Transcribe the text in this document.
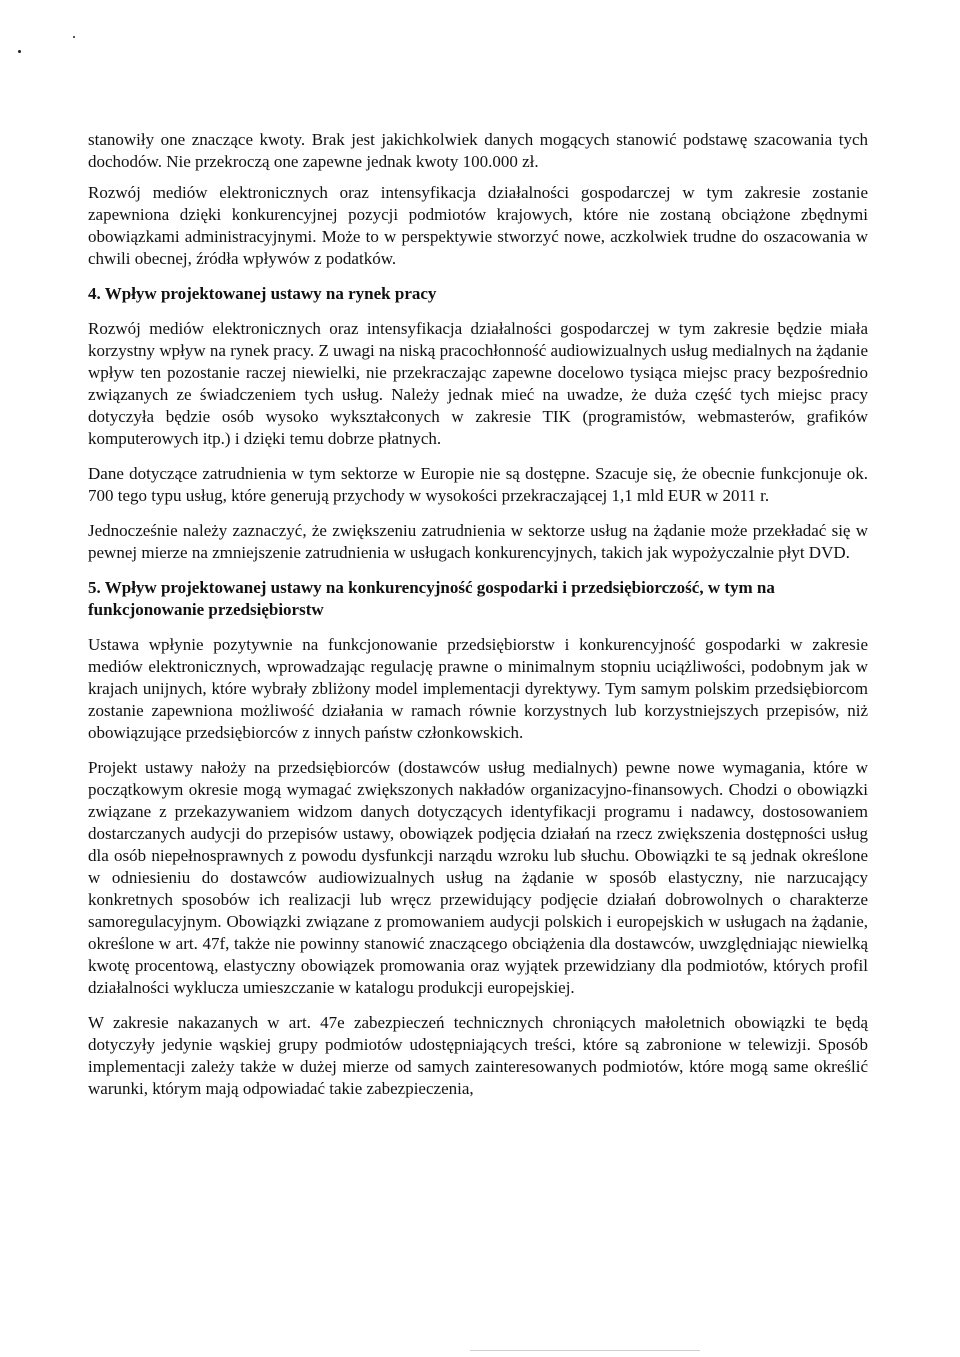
stanowiły one znaczące kwoty. Brak jest jakichkolwiek danych mogących stanowić podstawę szacowania tych dochodów. Nie przekroczą one zapewne jednak kwoty 100.000 zł.

Rozwój mediów elektronicznych oraz intensyfikacja działalności gospodarczej w tym zakresie zostanie zapewniona dzięki konkurencyjnej pozycji podmiotów krajowych, które nie zostaną obciążone zbędnymi obowiązkami administracyjnymi. Może to w perspektywie stworzyć nowe, aczkolwiek trudne do oszacowania w chwili obecnej, źródła wpływów z podatków.

4. Wpływ projektowanej ustawy na rynek pracy

Rozwój mediów elektronicznych oraz intensyfikacja działalności gospodarczej w tym zakresie będzie miała korzystny wpływ na rynek pracy. Z uwagi na niską pracochłonność audiowizualnych usług medialnych na żądanie wpływ ten pozostanie raczej niewielki, nie przekraczając zapewne docelowo tysiąca miejsc pracy bezpośrednio związanych ze świadczeniem tych usług. Należy jednak mieć na uwadze, że duża część tych miejsc pracy dotyczyła będzie osób wysoko wykształconych w zakresie TIK (programistów, webmasterów, grafików komputerowych itp.) i dzięki temu dobrze płatnych.

Dane dotyczące zatrudnienia w tym sektorze w Europie nie są dostępne. Szacuje się, że obecnie funkcjonuje ok. 700 tego typu usług, które generują przychody w wysokości przekraczającej 1,1 mld EUR w 2011 r.

Jednocześnie należy zaznaczyć, że zwiększeniu zatrudnienia w sektorze usług na żądanie może przekładać się w pewnej mierze na zmniejszenie zatrudnienia w usługach konkurencyjnych, takich jak wypożyczalnie płyt DVD.

5. Wpływ projektowanej ustawy na konkurencyjność gospodarki i przedsiębiorczość, w tym na funkcjonowanie przedsiębiorstw

Ustawa wpłynie pozytywnie na funkcjonowanie przedsiębiorstw i konkurencyjność gospodarki w zakresie mediów elektronicznych, wprowadzając regulację prawne o minimalnym stopniu uciążliwości, podobnym jak w krajach unijnych, które wybrały zbliżony model implementacji dyrektywy. Tym samym polskim przedsiębiorcom zostanie zapewniona możliwość działania w ramach równie korzystnych lub korzystniejszych przepisów, niż obowiązujące przedsiębiorców z innych państw członkowskich.

Projekt ustawy nałoży na przedsiębiorców (dostawców usług medialnych) pewne nowe wymagania, które w początkowym okresie mogą wymagać zwiększonych nakładów organizacyjno-finansowych. Chodzi o obowiązki związane z przekazywaniem widzom danych dotyczących identyfikacji programu i nadawcy, dostosowaniem dostarczanych audycji do przepisów ustawy, obowiązek podjęcia działań na rzecz zwiększenia dostępności usług dla osób niepełnosprawnych z powodu dysfunkcji narządu wzroku lub słuchu. Obowiązki te są jednak określone w odniesieniu do dostawców audiowizualnych usług na żądanie w sposób elastyczny, nie narzucający konkretnych sposobów ich realizacji lub wręcz przewidujący podjęcie działań dobrowolnych o charakterze samoregulacyjnym. Obowiązki związane z promowaniem audycji polskich i europejskich w usługach na żądanie, określone w art. 47f, także nie powinny stanowić znaczącego obciążenia dla dostawców, uwzględniając niewielką kwotę procentową, elastyczny obowiązek promowania oraz wyjątek przewidziany dla podmiotów, których profil działalności wyklucza umieszczanie w katalogu produkcji europejskiej.

W zakresie nakazanych w art. 47e zabezpieczeń technicznych chroniących małoletnich obowiązki te będą dotyczyły jedynie wąskiej grupy podmiotów udostępniających treści, które są zabronione w telewizji. Sposób implementacji zależy także w dużej mierze od samych zainteresowanych podmiotów, które mogą same określić warunki, którym mają odpowiadać takie zabezpieczenia,
